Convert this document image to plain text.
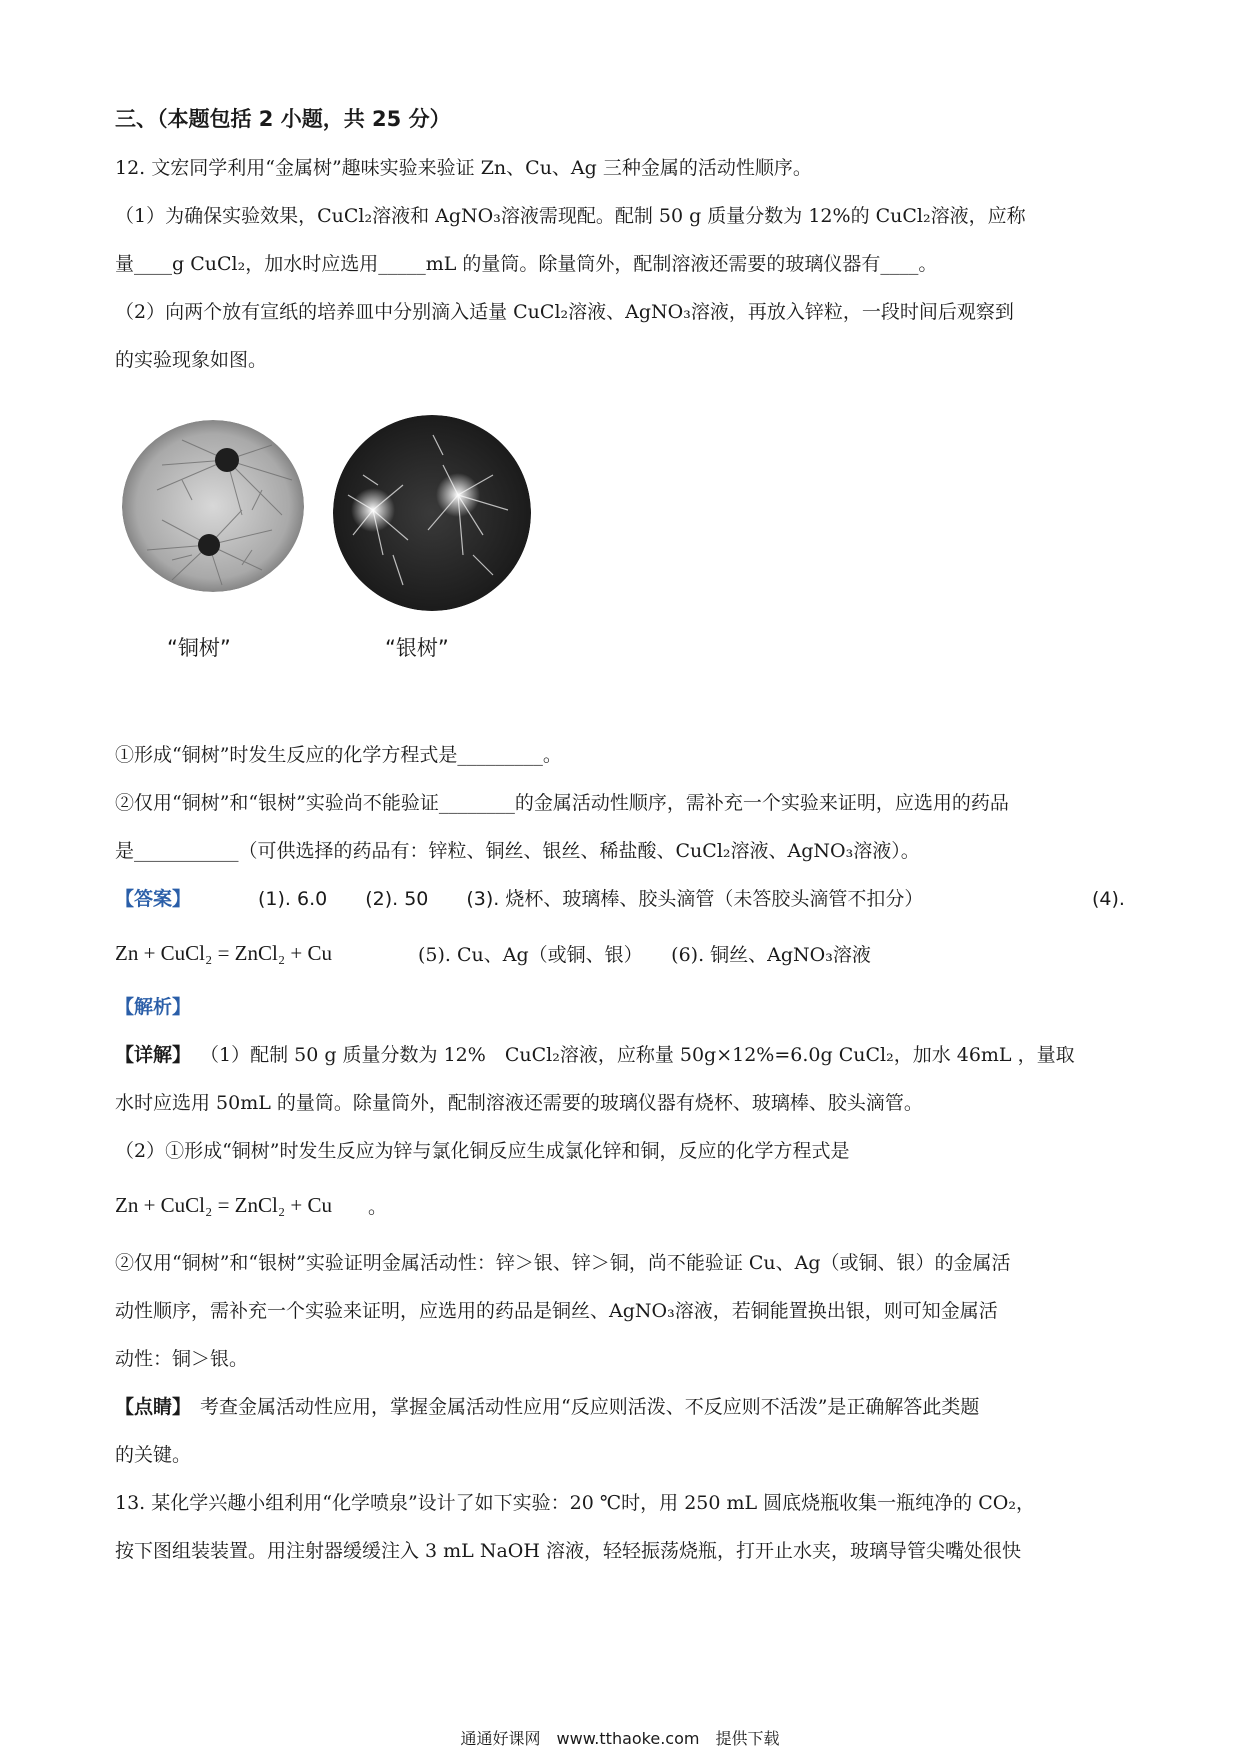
三、（本题包括 2 小题，共 25 分）
12. 文宏同学利用“金属树”趣味实验来验证 Zn、Cu、Ag 三种金属的活动性顺序。
（1）为确保实验效果，CuCl₂溶液和 AgNO₃溶液需现配。配制 50 g 质量分数为 12%的 CuCl₂溶液，应称
量____g CuCl₂，加水时应选用_____mL 的量筒。除量筒外，配制溶液还需要的玻璃仪器有____。
（2）向两个放有宣纸的培养皿中分别滴入适量 CuCl₂溶液、AgNO₃溶液，再放入锌粒，一段时间后观察到
的实验现象如图。
“铜树”	“银树”
①形成“铜树”时发生反应的化学方程式是_________。
②仅用“铜树”和“银树”实验尚不能验证________的金属活动性顺序，需补充一个实验来证明，应选用的药品
是___________（可供选择的药品有：锌粒、铜丝、银丝、稀盐酸、CuCl₂溶液、AgNO₃溶液）。
【答案】	(1). 6.0　　(2). 50　　(3). 烧杯、玻璃棒、胶头滴管（未答胶头滴管不扣分）	(4).
Zn + CuCl₂ = ZnCl₂ + Cu	(5). Cu、Ag（或铜、银）　　(6). 铜丝、AgNO₃溶液
【解析】
【详解】 （1）配制 50 g 质量分数为 12%　CuCl₂溶液，应称量 50g×12%=6.0g CuCl₂，加水 46mL ，量取
水时应选用 50mL 的量筒。除量筒外，配制溶液还需要的玻璃仪器有烧杯、玻璃棒、胶头滴管。
（2）①形成“铜树”时发生反应为锌与氯化铜反应生成氯化锌和铜，反应的化学方程式是
Zn + CuCl₂ = ZnCl₂ + Cu 。
②仅用“铜树”和“银树”实验证明金属活动性：锌＞银、锌＞铜，尚不能验证 Cu、Ag（或铜、银）的金属活
动性顺序，需补充一个实验来证明，应选用的药品是铜丝、AgNO₃溶液，若铜能置换出银，则可知金属活
动性：铜＞银。
【点睛】 考查金属活动性应用，掌握金属活动性应用“反应则活泼、不反应则不活泼”是正确解答此类题
的关键。
13. 某化学兴趣小组利用“化学喷泉”设计了如下实验：20 ℃时，用 250 mL 圆底烧瓶收集一瓶纯净的 CO₂，
按下图组装装置。用注射器缓缓注入 3 mL NaOH 溶液，轻轻振荡烧瓶，打开止水夹，玻璃导管尖嘴处很快
通通好课网　www.tthaoke.com　提供下载
